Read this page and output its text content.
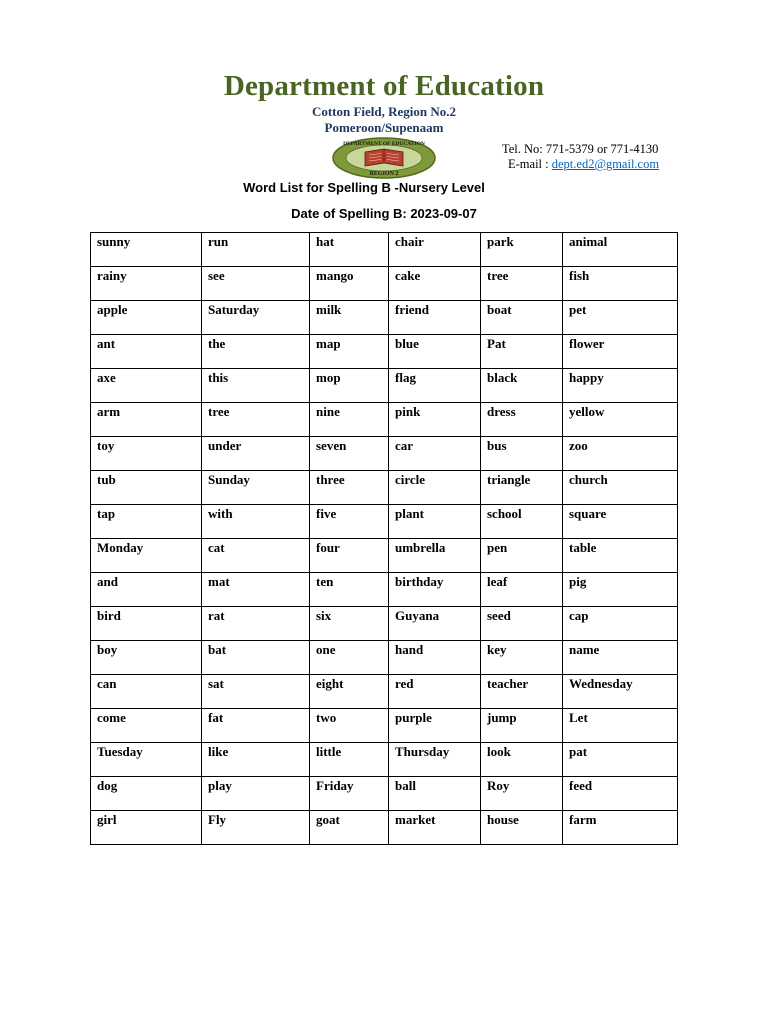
Department of Education
Cotton Field, Region No.2
Pomeroon/Supenaam
DEPARTMENT OF EDUCATION
REGION 2
Tel. No: 771-5379 or 771-4130
E-mail : dept.ed2@gmail.com
Word List for Spelling B -Nursery Level
Date of Spelling B: 2023-09-07
sunny	run	hat	chair	park	animal
rainy	see	mango	cake	tree	fish
apple	Saturday	milk	friend	boat	pet
ant	the	map	blue	Pat	flower
axe	this	mop	flag	black	happy
arm	tree	nine	pink	dress	yellow
toy	under	seven	car	bus	zoo
tub	Sunday	three	circle	triangle	church
tap	with	five	plant	school	square
Monday	cat	four	umbrella	pen	table
and	mat	ten	birthday	leaf	pig
bird	rat	six	Guyana	seed	cap
boy	bat	one	hand	key	name
can	sat	eight	red	teacher	Wednesday
come	fat	two	purple	jump	Let
Tuesday	like	little	Thursday	look	pat
dog	play	Friday	ball	Roy	feed
girl	Fly	goat	market	house	farm
